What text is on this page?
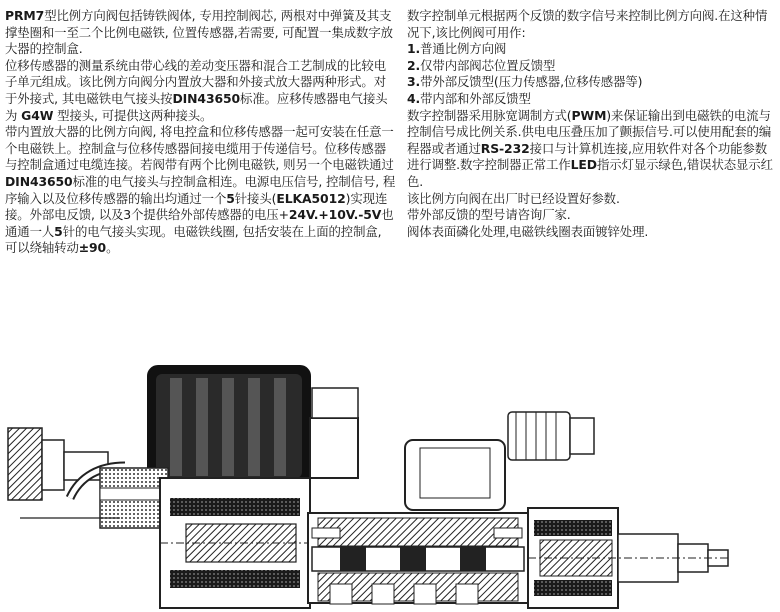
PRM7型比例方向阀包括铸铁阀体, 专用控制阀芯, 两根对中弹簧及其支撑垫圈和一至二个比例电磁铁, 位置传感器,若需要, 可配置一集成数字放大器的控制盒.

位移传感器的测量系统由带心线的差动变压器和混合工艺制成的比较电子单元组成。该比例方向阀分内置放大器和外接式放大器两种形式。对于外接式, 其电磁铁电气接头按DIN43650标准。应移传感器电气接头为 G4W 型接头, 可提供这两种接头。

带内置放大器的比例方向阀, 将电控盒和位移传感器一起可安装在任意一个电磁铁上。控制盒与位移传感器间接电缆用于传递信号。位移传感器与控制盒通过电缆连接。若阀带有两个比例电磁铁, 则另一个电磁铁通过DIN43650标准的电气接头与控制盒相连。电源电压信号, 控制信号, 程序输入以及位移传感器的输出均通过一个5针接头(ELKA5012)实现连接。外部电反馈, 以及3个提供给外部传感器的电压+24V.+10V.-5V也通通一人5针的电气接头实现。电磁铁线圈, 包括安装在上面的控制盒, 可以绕轴转动±90。

数字控制单元根据两个反馈的数字信号来控制比例方向阀.在这种情况下,该比例阀可用作:

1.普通比例方向阀
2.仅带内部阀芯位置反馈型
3.带外部反馈型(压力传感器,位移传感器等)
4.带内部和外部反馈型

数字控制器采用脉宽调制方式(PWM)来保证输出到电磁铁的电流与控制信号成比例关系.供电电压叠压加了颤振信号.可以使用配套的编程器或者通过RS-232接口与计算机连接,应用软件对各个功能参数进行调整.数字控制器正常工作LED指示灯显示绿色,错误状态显示红色.

该比例方向阀在出厂时已经设置好参数.

带外部反馈的型号请咨询厂家.

阀体表面磷化处理,电磁铁线圈表面镀锌处理.
